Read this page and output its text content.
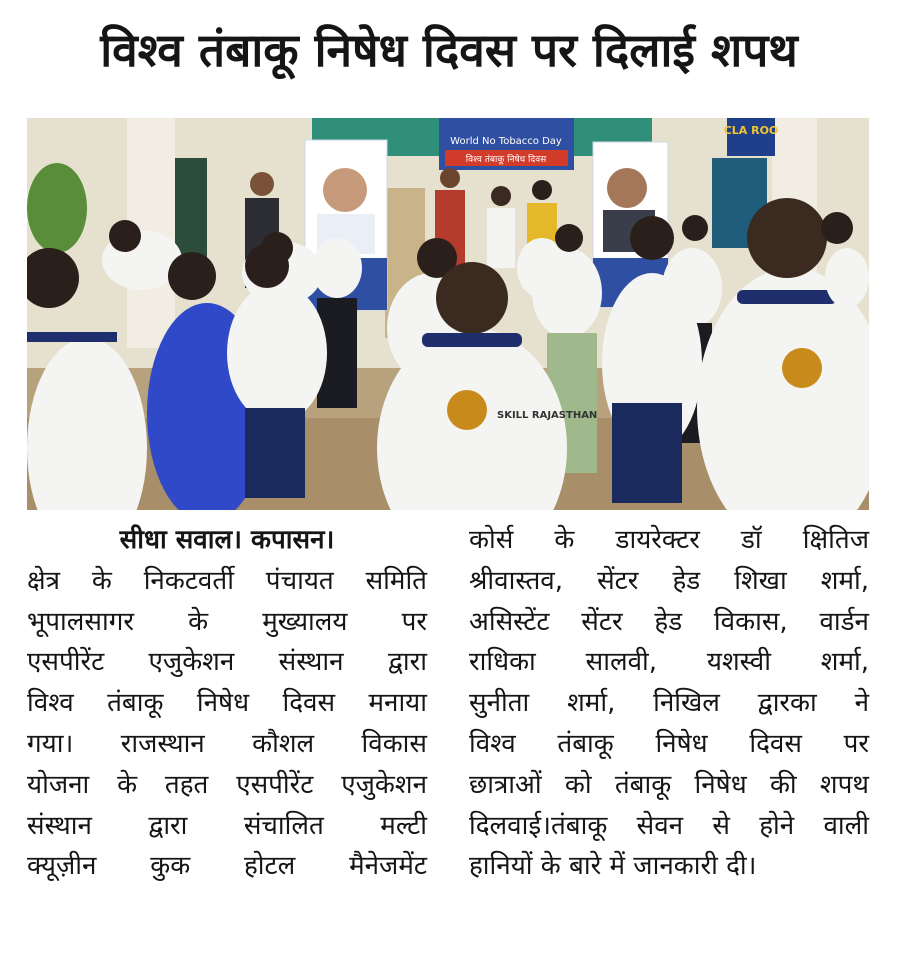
विश्व तंबाकू निषेध दिवस पर दिलाई शपथ
World No Tobacco Day
विश्व तंबाकू निषेध दिवस
CLA ROO
SKILL RAJASTHAN

सीधा सवाल। कपासन।

क्षेत्र के निकटवर्ती पंचायत समिति

भूपालसागर के मुख्यालय पर

एसपीरेंट एजुकेशन संस्थान द्वारा

विश्व तंबाकू निषेध दिवस मनाया

गया। राजस्थान कौशल विकास

योजना के तहत एसपीरेंट एजुकेशन

संस्थान द्वारा संचालित मल्टी

क्यूज़ीन कुक होटल मैनेजमेंट

कोर्स के डायरेक्टर डॉ क्षितिज

श्रीवास्तव, सेंटर हेड शिखा शर्मा,

असिस्टेंट सेंटर हेड विकास, वार्डन

राधिका सालवी, यशस्वी शर्मा,

सुनीता शर्मा, निखिल द्वारका ने

विश्व तंबाकू निषेध दिवस पर

छात्राओं को तंबाकू निषेध की शपथ

दिलवाई।तंबाकू सेवन से होने वाली

हानियों के बारे में जानकारी दी।
